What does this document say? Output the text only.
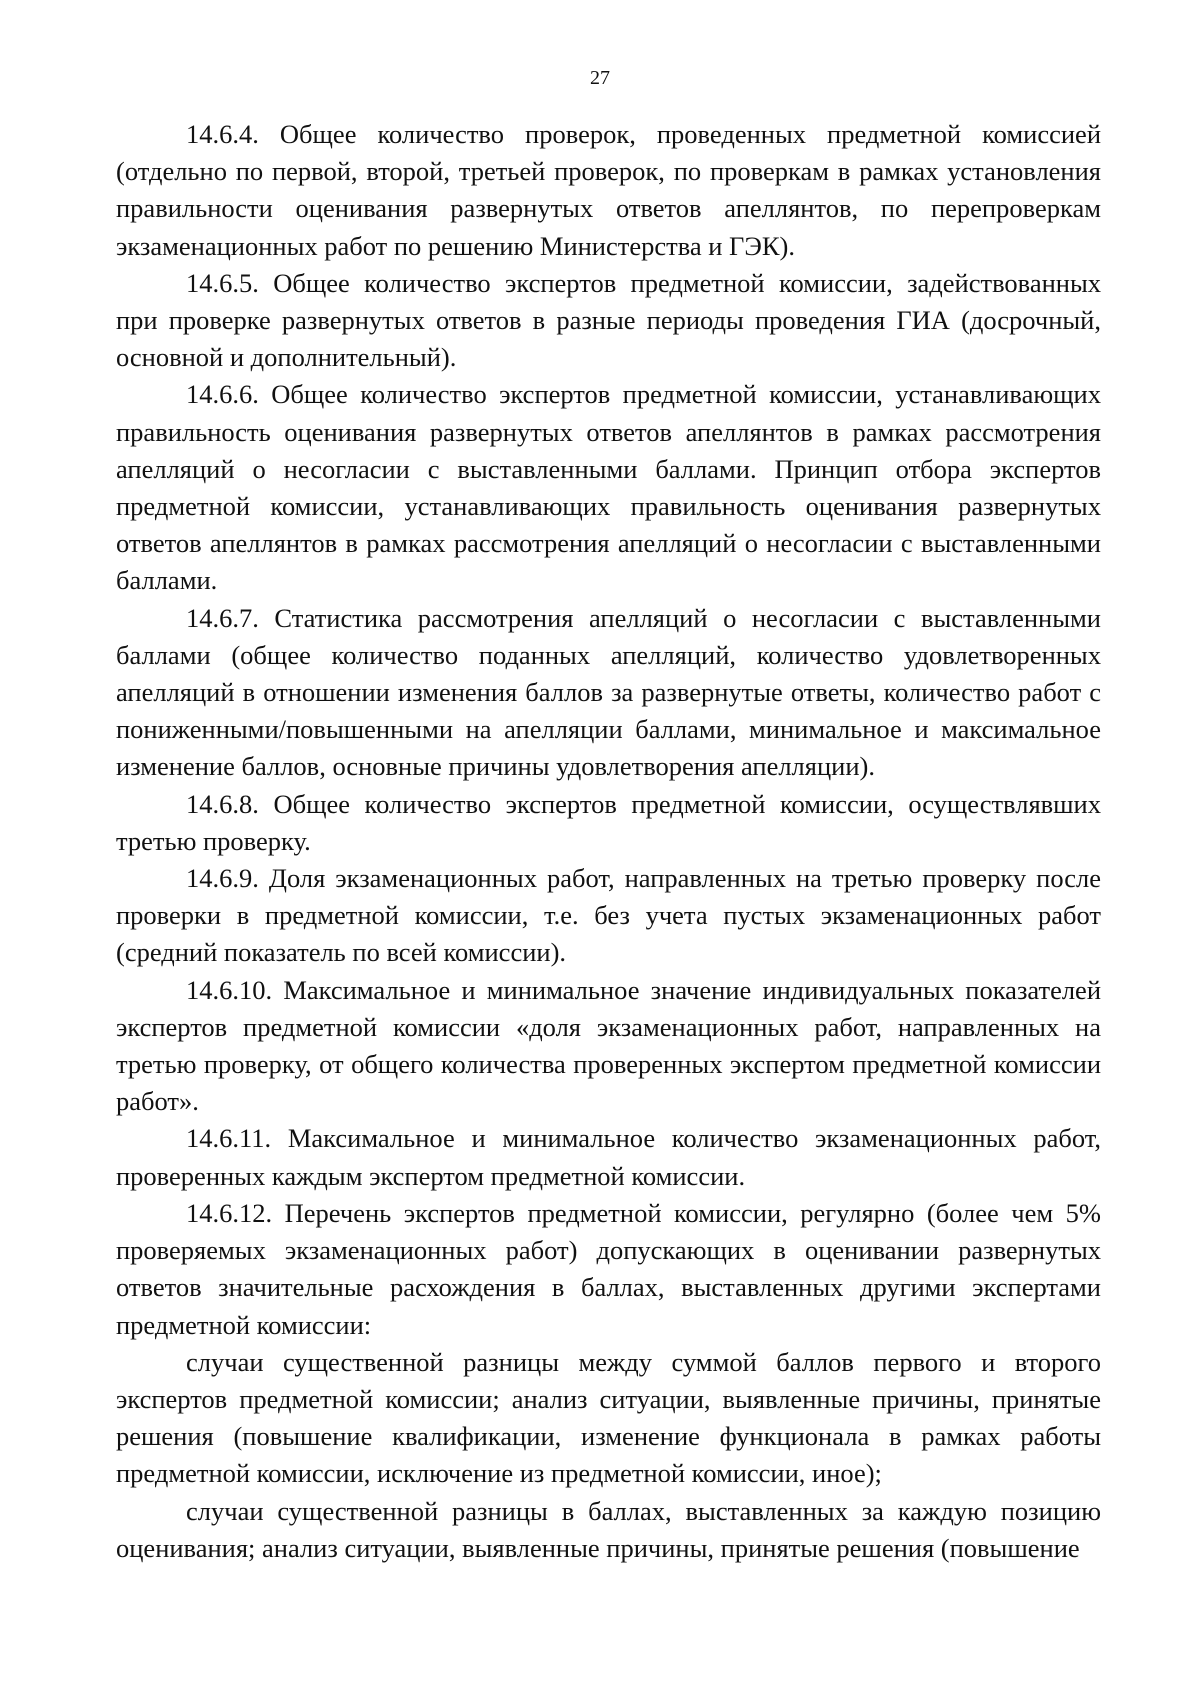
27

14.6.4. Общее количество проверок, проведенных предметной комиссией (отдельно по первой, второй, третьей проверок, по проверкам в рамках установления правильности оценивания развернутых ответов апеллянтов, по перепроверкам экзаменационных работ по решению Министерства и ГЭК).

14.6.5. Общее количество экспертов предметной комиссии, задействованных при проверке развернутых ответов в разные периоды проведения ГИА (досрочный, основной и дополнительный).

14.6.6. Общее количество экспертов предметной комиссии, устанавливающих правильность оценивания развернутых ответов апеллянтов в рамках рассмотрения апелляций о несогласии с выставленными баллами. Принцип отбора экспертов предметной комиссии, устанавливающих правильность оценивания развернутых ответов апеллянтов в рамках рассмотрения апелляций о несогласии с выставленными баллами.

14.6.7. Статистика рассмотрения апелляций о несогласии с выставленными баллами (общее количество поданных апелляций, количество удовлетворенных апелляций в отношении изменения баллов за развернутые ответы, количество работ с пониженными/повышенными на апелляции баллами, минимальное и максимальное изменение баллов, основные причины удовлетворения апелляции).

14.6.8. Общее количество экспертов предметной комиссии, осуществлявших третью проверку.

14.6.9. Доля экзаменационных работ, направленных на третью проверку после проверки в предметной комиссии, т.е. без учета пустых экзаменационных работ (средний показатель по всей комиссии).

14.6.10. Максимальное и минимальное значение индивидуальных показателей экспертов предметной комиссии «доля экзаменационных работ, направленных на третью проверку, от общего количества проверенных экспертом предметной комиссии работ».

14.6.11. Максимальное и минимальное количество экзаменационных работ, проверенных каждым экспертом предметной комиссии.

14.6.12. Перечень экспертов предметной комиссии, регулярно (более чем 5% проверяемых экзаменационных работ) допускающих в оценивании развернутых ответов значительные расхождения в баллах, выставленных другими экспертами предметной комиссии:

случаи существенной разницы между суммой баллов первого и второго экспертов предметной комиссии; анализ ситуации, выявленные причины, принятые решения (повышение квалификации, изменение функционала в рамках работы предметной комиссии, исключение из предметной комиссии, иное);

случаи существенной разницы в баллах, выставленных за каждую позицию оценивания; анализ ситуации, выявленные причины, принятые решения (повышение
